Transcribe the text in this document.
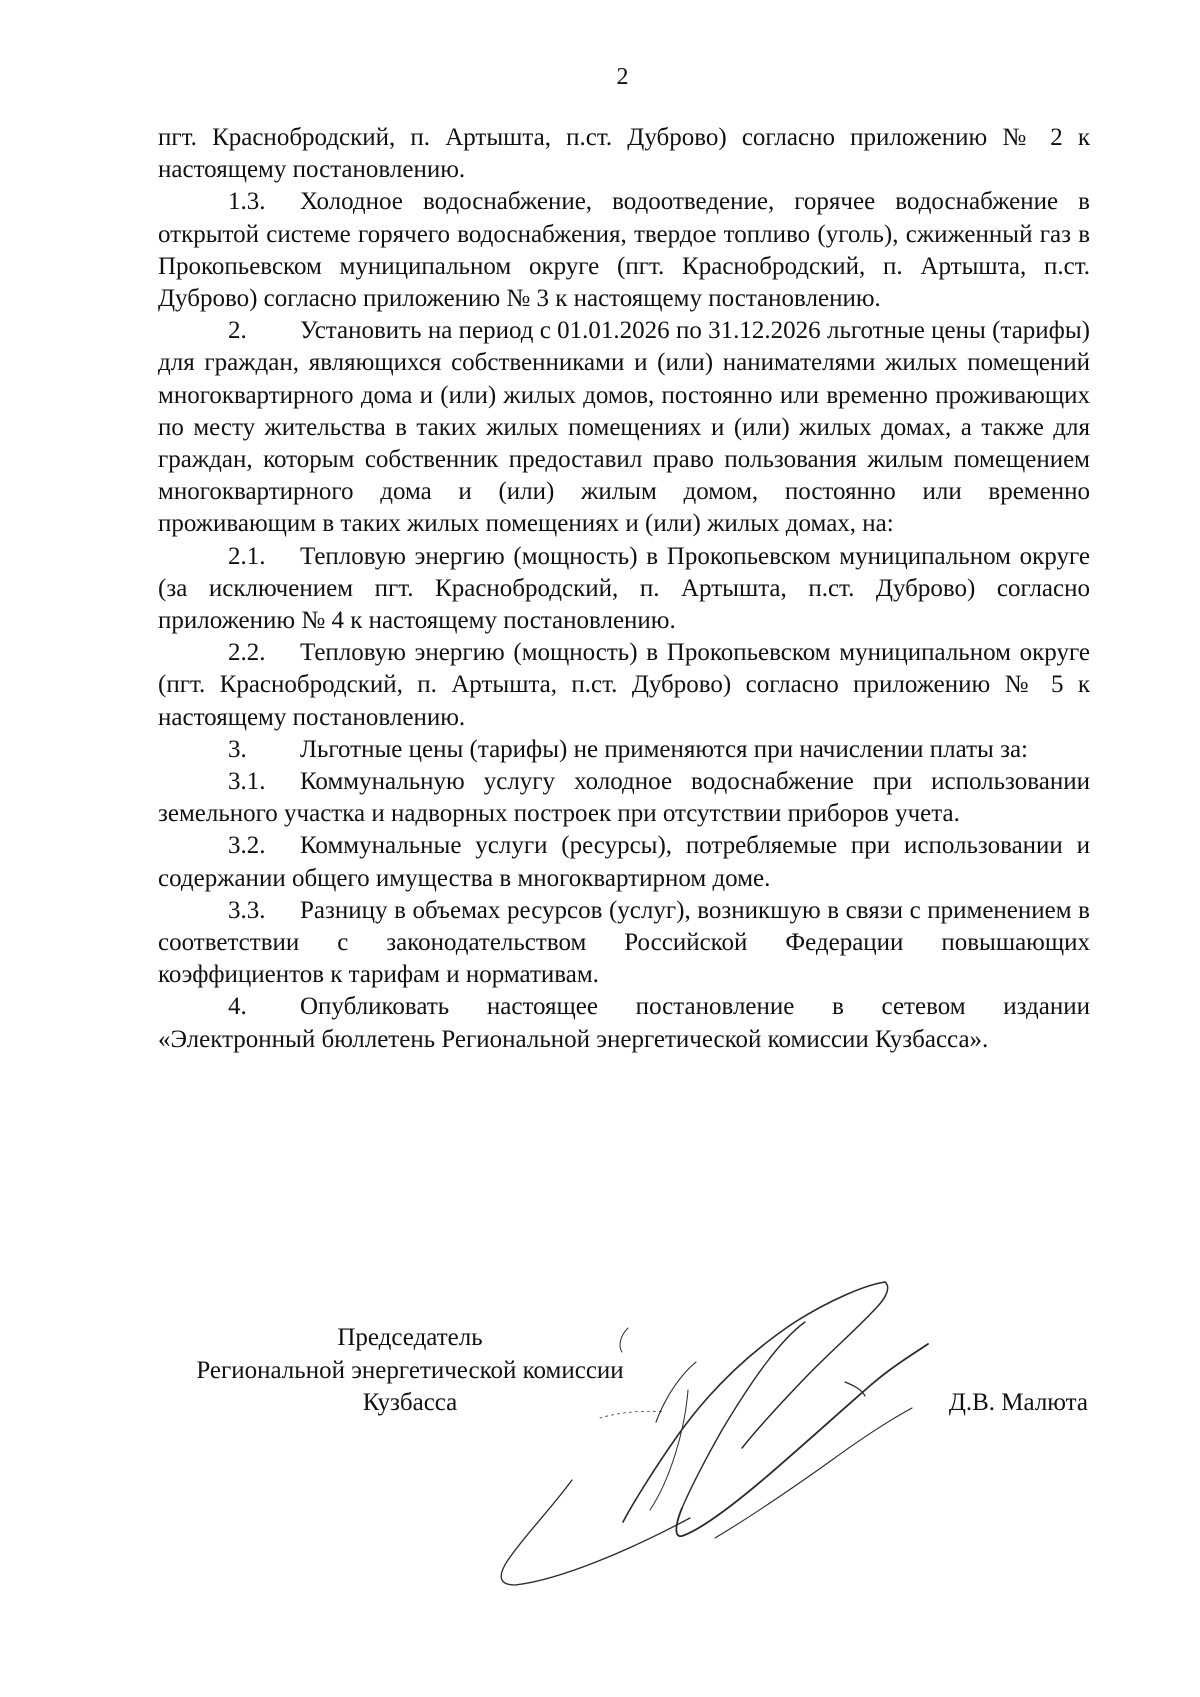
2

пгт. Краснобродский, п. Артышта, п.ст. Дуброво) согласно приложению № 2 к настоящему постановлению.

1.3. Холодное водоснабжение, водоотведение, горячее водоснабжение в открытой системе горячего водоснабжения, твердое топливо (уголь), сжиженный газ в Прокопьевском муниципальном округе (пгт. Краснобродский, п. Артышта, п.ст. Дуброво) согласно приложению № 3 к настоящему постановлению.

2. Установить на период с 01.01.2026 по 31.12.2026 льготные цены (тарифы) для граждан, являющихся собственниками и (или) нанимателями жилых помещений многоквартирного дома и (или) жилых домов, постоянно или временно проживающих по месту жительства в таких жилых помещениях и (или) жилых домах, а также для граждан, которым собственник предоставил право пользования жилым помещением многоквартирного дома и (или) жилым домом, постоянно или временно проживающим в таких жилых помещениях и (или) жилых домах, на:

2.1. Тепловую энергию (мощность) в Прокопьевском муниципальном округе (за исключением пгт. Краснобродский, п. Артышта, п.ст. Дуброво) согласно приложению № 4 к настоящему постановлению.

2.2. Тепловую энергию (мощность) в Прокопьевском муниципальном округе (пгт. Краснобродский, п. Артышта, п.ст. Дуброво) согласно приложению № 5 к настоящему постановлению.

3. Льготные цены (тарифы) не применяются при начислении платы за:

3.1. Коммунальную услугу холодное водоснабжение при использовании земельного участка и надворных построек при отсутствии приборов учета.

3.2. Коммунальные услуги (ресурсы), потребляемые при использовании и содержании общего имущества в многоквартирном доме.

3.3. Разницу в объемах ресурсов (услуг), возникшую в связи с применением в соответствии с законодательством Российской Федерации повышающих коэффициентов к тарифам и нормативам.

4. Опубликовать настоящее постановление в сетевом издании «Электронный бюллетень Региональной энергетической комиссии Кузбасса».

Председатель
Региональной энергетической комиссии
Кузбасса	Д.В. Малюта
